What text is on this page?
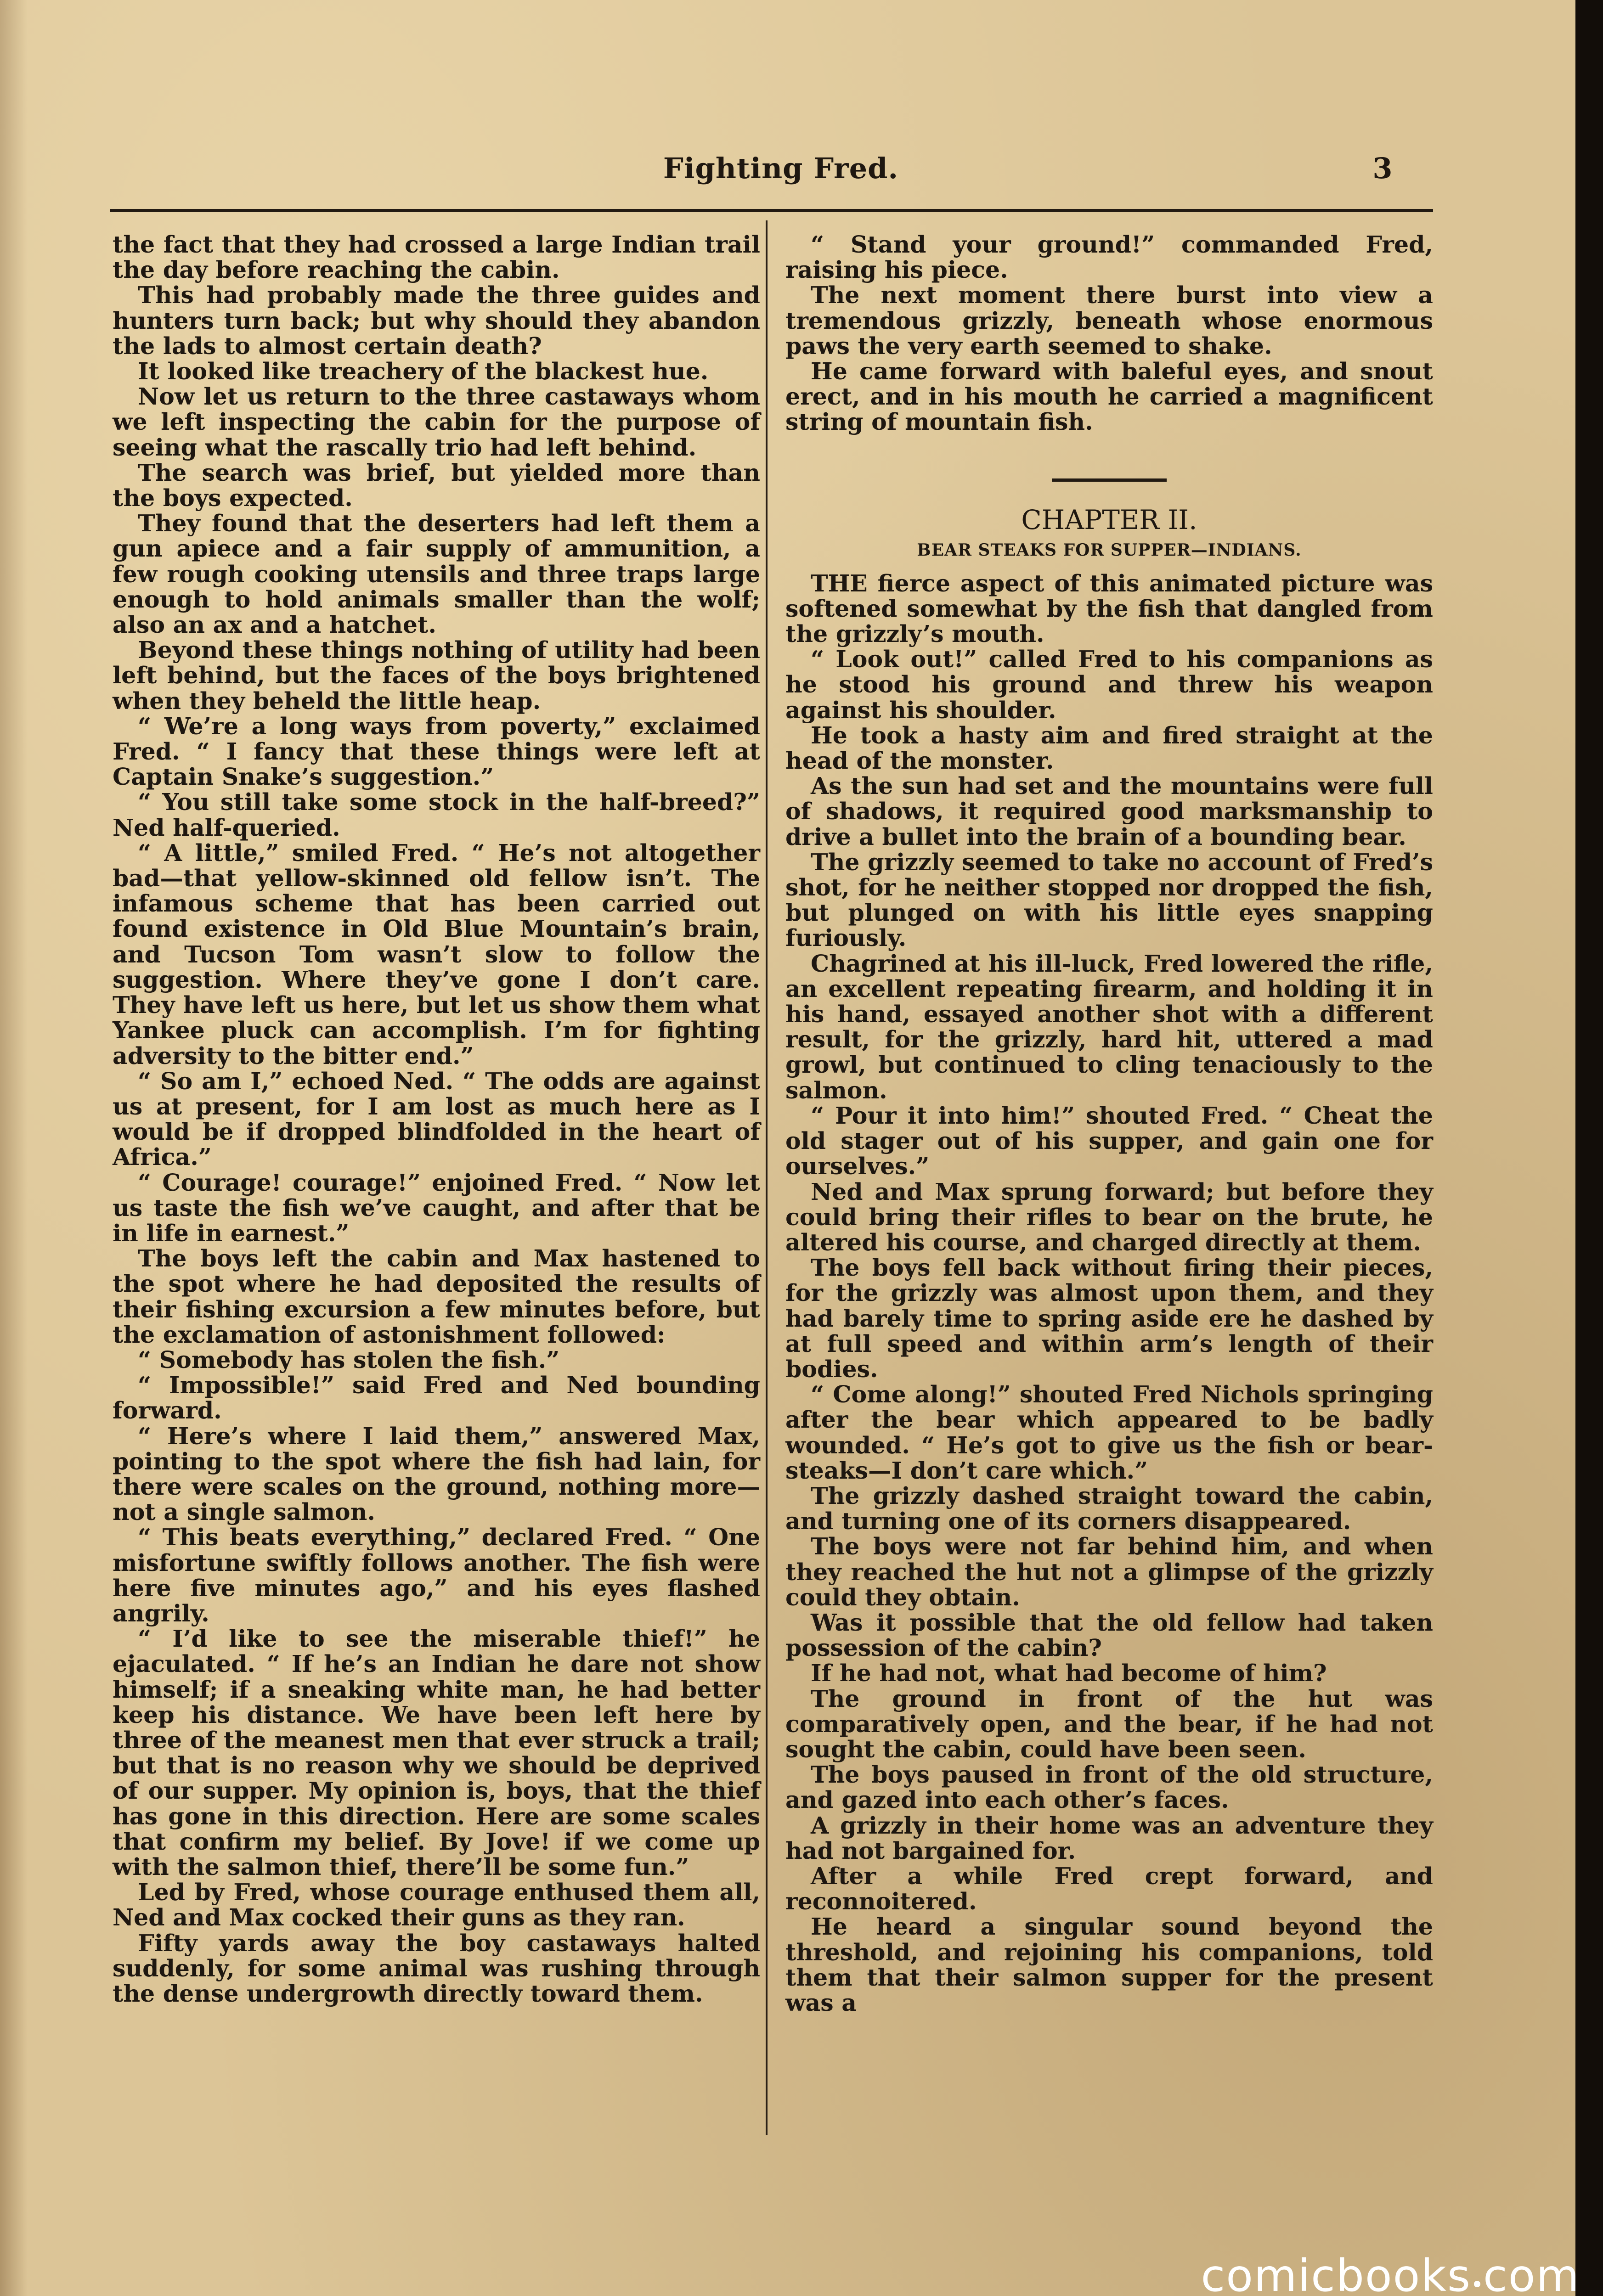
Fighting Fred.	3

the fact that they had crossed a large Indian trail the day before reaching the cabin.

This had probably made the three guides and hunters turn back; but why should they abandon the lads to almost certain death?

It looked like treachery of the blackest hue.

Now let us return to the three castaways whom we left inspecting the cabin for the purpose of seeing what the rascally trio had left behind.

The search was brief, but yielded more than the boys expected.

They found that the deserters had left them a gun apiece and a fair supply of ammunition, a few rough cooking utensils and three traps large enough to hold animals smaller than the wolf; also an ax and a hatchet.

Beyond these things nothing of utility had been left behind, but the faces of the boys brightened when they beheld the little heap.

“ We’re a long ways from poverty,” exclaimed Fred. “ I fancy that these things were left at Captain Snake’s suggestion.”

“ You still take some stock in the half-breed?” Ned half-queried.

“ A little,” smiled Fred. “ He’s not altogether bad—that yellow-skinned old fellow isn’t. The infamous scheme that has been carried out found existence in Old Blue Mountain’s brain, and Tucson Tom wasn’t slow to follow the suggestion. Where they’ve gone I don’t care. They have left us here, but let us show them what Yankee pluck can accomplish. I’m for fighting adversity to the bitter end.”

“ So am I,” echoed Ned. “ The odds are against us at present, for I am lost as much here as I would be if dropped blindfolded in the heart of Africa.”

“ Courage! courage!” enjoined Fred. “ Now let us taste the fish we’ve caught, and after that be in life in earnest.”

The boys left the cabin and Max hastened to the spot where he had deposited the results of their fishing excursion a few minutes before, but the exclamation of astonishment followed:

“ Somebody has stolen the fish.”

“ Impossible!” said Fred and Ned bounding forward.

“ Here’s where I laid them,” answered Max, pointing to the spot where the fish had lain, for there were scales on the ground, nothing more—not a single salmon.

“ This beats everything,” declared Fred. “ One misfortune swiftly follows another. The fish were here five minutes ago,” and his eyes flashed angrily.

“ I’d like to see the miserable thief!” he ejaculated. “ If he’s an Indian he dare not show himself; if a sneaking white man, he had better keep his distance. We have been left here by three of the meanest men that ever struck a trail; but that is no reason why we should be deprived of our supper. My opinion is, boys, that the thief has gone in this direction. Here are some scales that confirm my belief. By Jove! if we come up with the salmon thief, there’ll be some fun.”

Led by Fred, whose courage enthused them all, Ned and Max cocked their guns as they ran.

Fifty yards away the boy castaways halted suddenly, for some animal was rushing through the dense undergrowth directly toward them.

“ Stand your ground!” commanded Fred, raising his piece.

The next moment there burst into view a tremendous grizzly, beneath whose enormous paws the very earth seemed to shake.

He came forward with baleful eyes, and snout erect, and in his mouth he carried a magnificent string of mountain fish.

CHAPTER II.
BEAR STEAKS FOR SUPPER—INDIANS.

THE fierce aspect of this animated picture was softened somewhat by the fish that dangled from the grizzly’s mouth.

“ Look out!” called Fred to his companions as he stood his ground and threw his weapon against his shoulder.

He took a hasty aim and fired straight at the head of the monster.

As the sun had set and the mountains were full of shadows, it required good marksmanship to drive a bullet into the brain of a bounding bear.

The grizzly seemed to take no account of Fred’s shot, for he neither stopped nor dropped the fish, but plunged on with his little eyes snapping furiously.

Chagrined at his ill-luck, Fred lowered the rifle, an excellent repeating firearm, and holding it in his hand, essayed another shot with a different result, for the grizzly, hard hit, uttered a mad growl, but continued to cling tenaciously to the salmon.

“ Pour it into him!” shouted Fred. “ Cheat the old stager out of his supper, and gain one for ourselves.”

Ned and Max sprung forward; but before they could bring their rifles to bear on the brute, he altered his course, and charged directly at them.

The boys fell back without firing their pieces, for the grizzly was almost upon them, and they had barely time to spring aside ere he dashed by at full speed and within arm’s length of their bodies.

“ Come along!” shouted Fred Nichols springing after the bear which appeared to be badly wounded. “ He’s got to give us the fish or bear-steaks—I don’t care which.”

The grizzly dashed straight toward the cabin, and turning one of its corners disappeared.

The boys were not far behind him, and when they reached the hut not a glimpse of the grizzly could they obtain.

Was it possible that the old fellow had taken possession of the cabin?

If he had not, what had become of him?

The ground in front of the hut was comparatively open, and the bear, if he had not sought the cabin, could have been seen.

The boys paused in front of the old structure, and gazed into each other’s faces.

A grizzly in their home was an adventure they had not bargained for.

After a while Fred crept forward, and reconnoitered.

He heard a singular sound beyond the threshold, and rejoining his companions, told them that their salmon supper for the present was a

comicbooks com
